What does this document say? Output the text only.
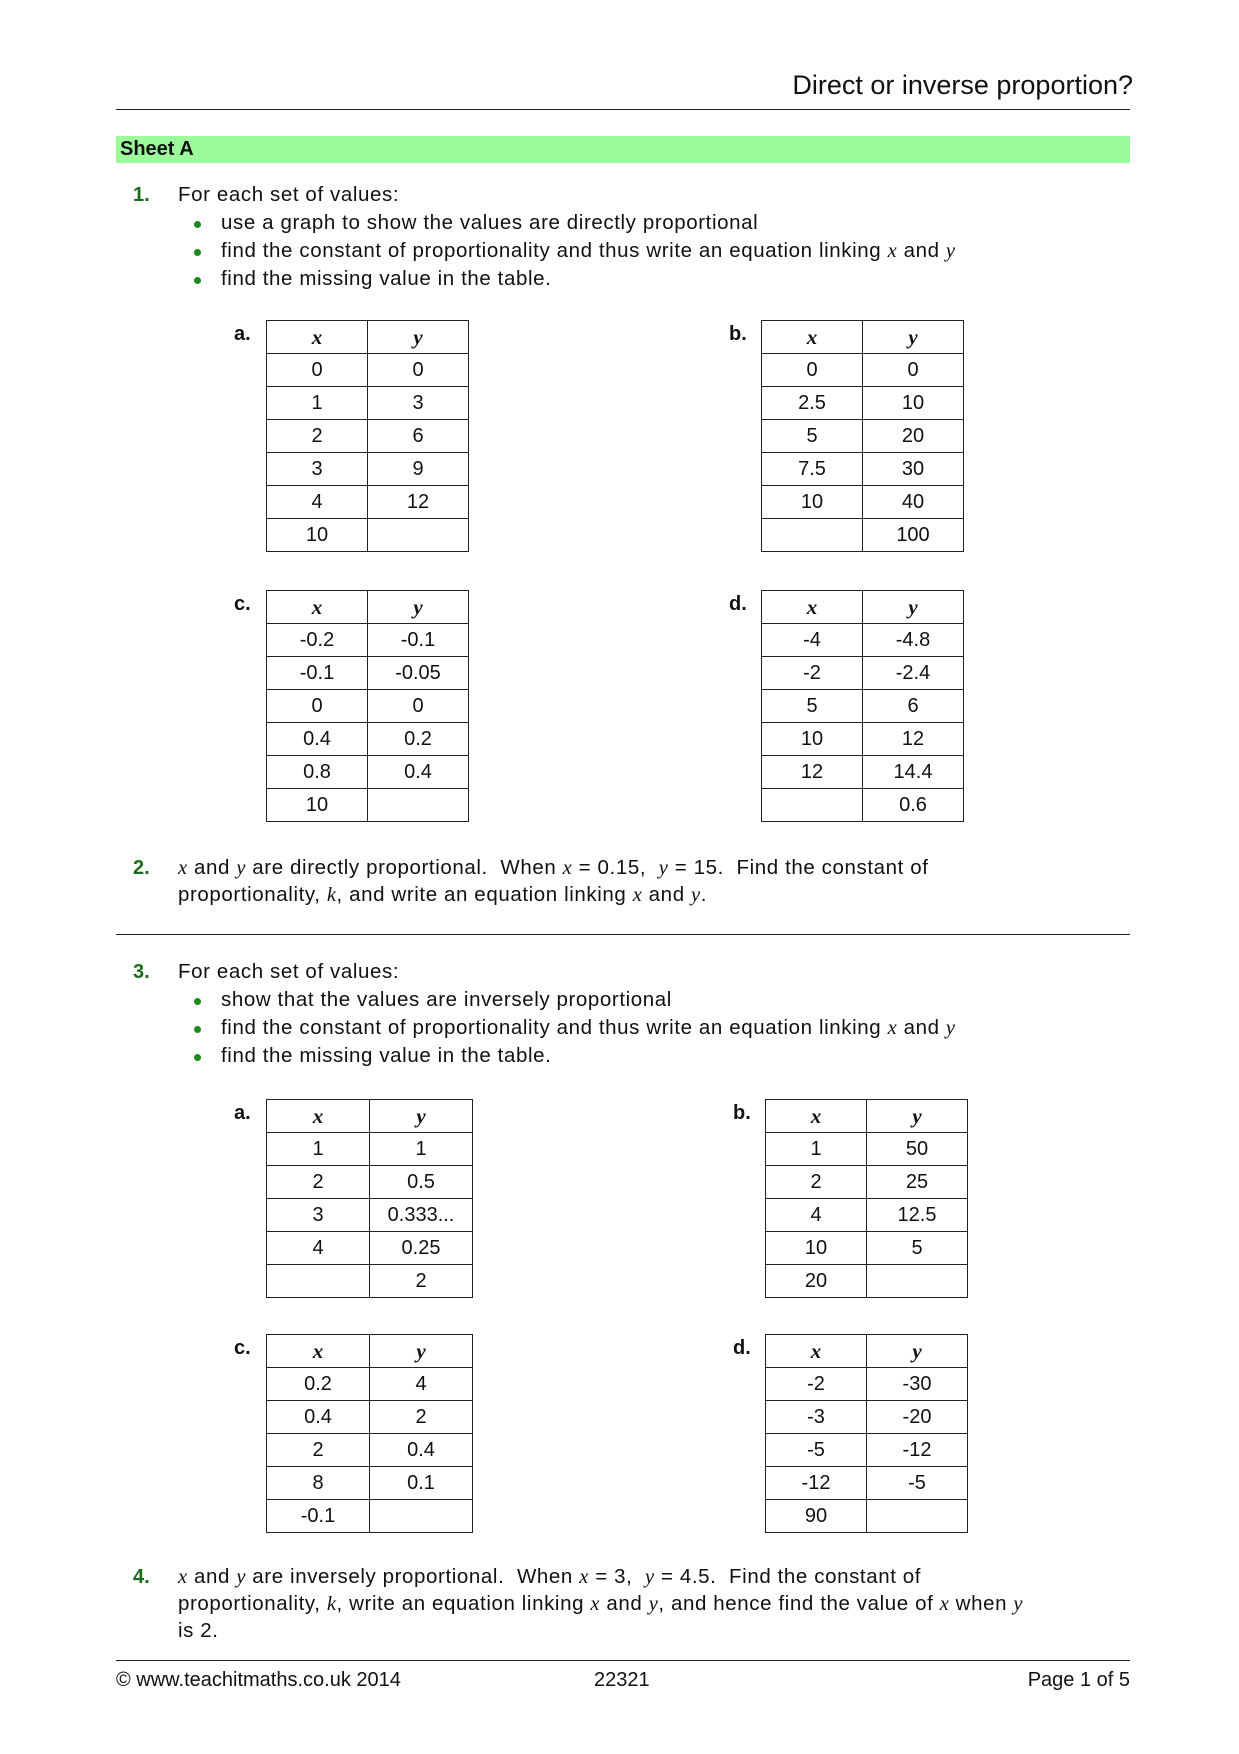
Direct or inverse proportion?
Sheet A
1. For each set of values:
use a graph to show the values are directly proportional
find the constant of proportionality and thus write an equation linking x and y
find the missing value in the table.
a.	x	y
0	0
1	3
2	6
3	9
4	12
10	
b.	x	y
0	0
2.5	10
5	20
7.5	30
10	40
	100
c.	x	y
-0.2	-0.1
-0.1	-0.05
0	0
0.4	0.2
0.8	0.4
10	
d.	x	y
-4	-4.8
-2	-2.4
5	6
10	12
12	14.4
	0.6
2. x and y are directly proportional.  When x = 0.15,  y = 15.  Find the constant of
proportionality, k, and write an equation linking x and y.
3. For each set of values:
show that the values are inversely proportional
find the constant of proportionality and thus write an equation linking x and y
find the missing value in the table.
a.	x	y
1	1
2	0.5
3	0.333...
4	0.25
	2
b.	x	y
1	50
2	25
4	12.5
10	5
20	
c.	x	y
0.2	4
0.4	2
2	0.4
8	0.1
-0.1	
d.	x	y
-2	-30
-3	-20
-5	-12
-12	-5
90	
4. x and y are inversely proportional.  When x = 3,  y = 4.5.  Find the constant of
proportionality, k, write an equation linking x and y, and hence find the value of x when y
is 2.
© www.teachitmaths.co.uk 2014	22321	Page 1 of 5
